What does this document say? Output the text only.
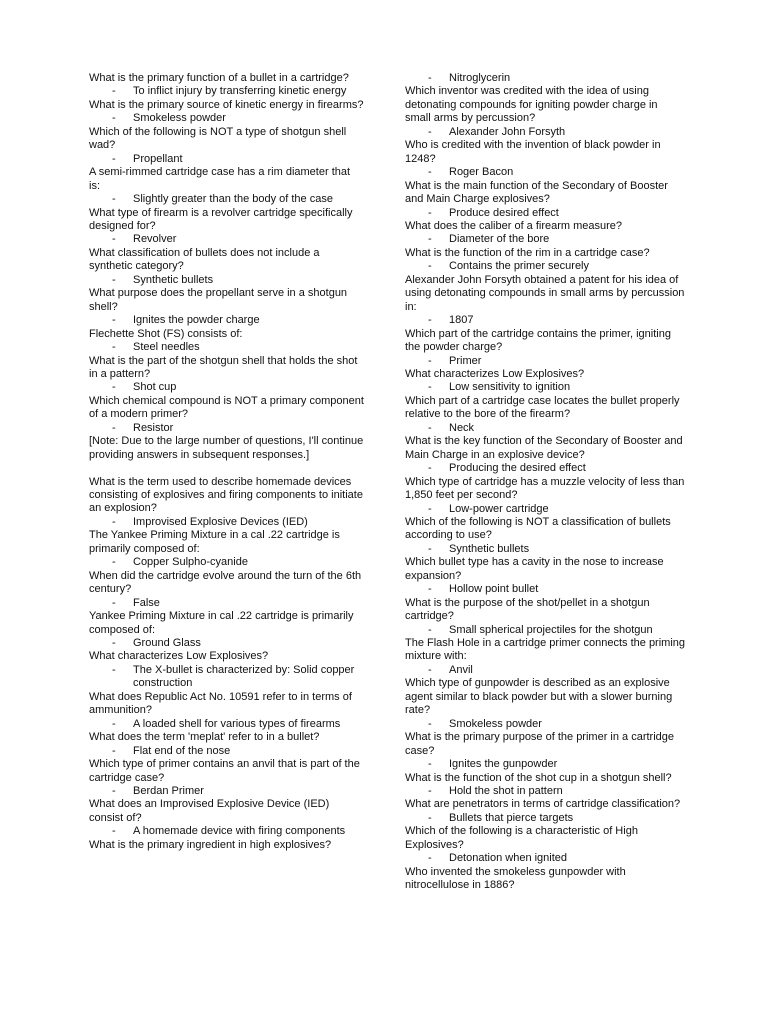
What is the primary function of a bullet in a cartridge?

- To inflict injury by transferring kinetic energy

What is the primary source of kinetic energy in firearms?

- Smokeless powder

Which of the following is NOT a type of shotgun shell wad?

- Propellant

A semi-rimmed cartridge case has a rim diameter that is:

- Slightly greater than the body of the case

What type of firearm is a revolver cartridge specifically designed for?

- Revolver

What classification of bullets does not include a synthetic category?

- Synthetic bullets

What purpose does the propellant serve in a shotgun shell?

- Ignites the powder charge

Flechette Shot (FS) consists of:

- Steel needles

What is the part of the shotgun shell that holds the shot in a pattern?

- Shot cup

Which chemical compound is NOT a primary component of a modern primer?

- Resistor

[Note: Due to the large number of questions, I'll continue providing answers in subsequent responses.]

What is the term used to describe homemade devices consisting of explosives and firing components to initiate an explosion?

- Improvised Explosive Devices (IED)

The Yankee Priming Mixture in a cal .22 cartridge is primarily composed of:

- Copper Sulpho-cyanide

When did the cartridge evolve around the turn of the 6th century?

- False

Yankee Priming Mixture in cal .22 cartridge is primarily composed of:

- Ground Glass

What characterizes Low Explosives?

- The X-bullet is characterized by: Solid copper construction

What does Republic Act No. 10591 refer to in terms of ammunition?

- A loaded shell for various types of firearms

What does the term 'meplat' refer to in a bullet?

- Flat end of the nose

Which type of primer contains an anvil that is part of the cartridge case?

- Berdan Primer

What does an Improvised Explosive Device (IED) consist of?

- A homemade device with firing components

What is the primary ingredient in high explosives?

- Nitroglycerin

Which inventor was credited with the idea of using detonating compounds for igniting powder charge in small arms by percussion?

- Alexander John Forsyth

Who is credited with the invention of black powder in 1248?

- Roger Bacon

What is the main function of the Secondary of Booster and Main Charge explosives?

- Produce desired effect

What does the caliber of a firearm measure?

- Diameter of the bore

What is the function of the rim in a cartridge case?

- Contains the primer securely

Alexander John Forsyth obtained a patent for his idea of using detonating compounds in small arms by percussion in:

- 1807

Which part of the cartridge contains the primer, igniting the powder charge?

- Primer

What characterizes Low Explosives?

- Low sensitivity to ignition

Which part of a cartridge case locates the bullet properly relative to the bore of the firearm?

- Neck

What is the key function of the Secondary of Booster and Main Charge in an explosive device?

- Producing the desired effect

Which type of cartridge has a muzzle velocity of less than 1,850 feet per second?

- Low-power cartridge

Which of the following is NOT a classification of bullets according to use?

- Synthetic bullets

Which bullet type has a cavity in the nose to increase expansion?

- Hollow point bullet

What is the purpose of the shot/pellet in a shotgun cartridge?

- Small spherical projectiles for the shotgun

The Flash Hole in a cartridge primer connects the priming mixture with:

- Anvil

Which type of gunpowder is described as an explosive agent similar to black powder but with a slower burning rate?

- Smokeless powder

What is the primary purpose of the primer in a cartridge case?

- Ignites the gunpowder

What is the function of the shot cup in a shotgun shell?

- Hold the shot in pattern

What are penetrators in terms of cartridge classification?

- Bullets that pierce targets

Which of the following is a characteristic of High Explosives?

- Detonation when ignited

Who invented the smokeless gunpowder with nitrocellulose in 1886?
